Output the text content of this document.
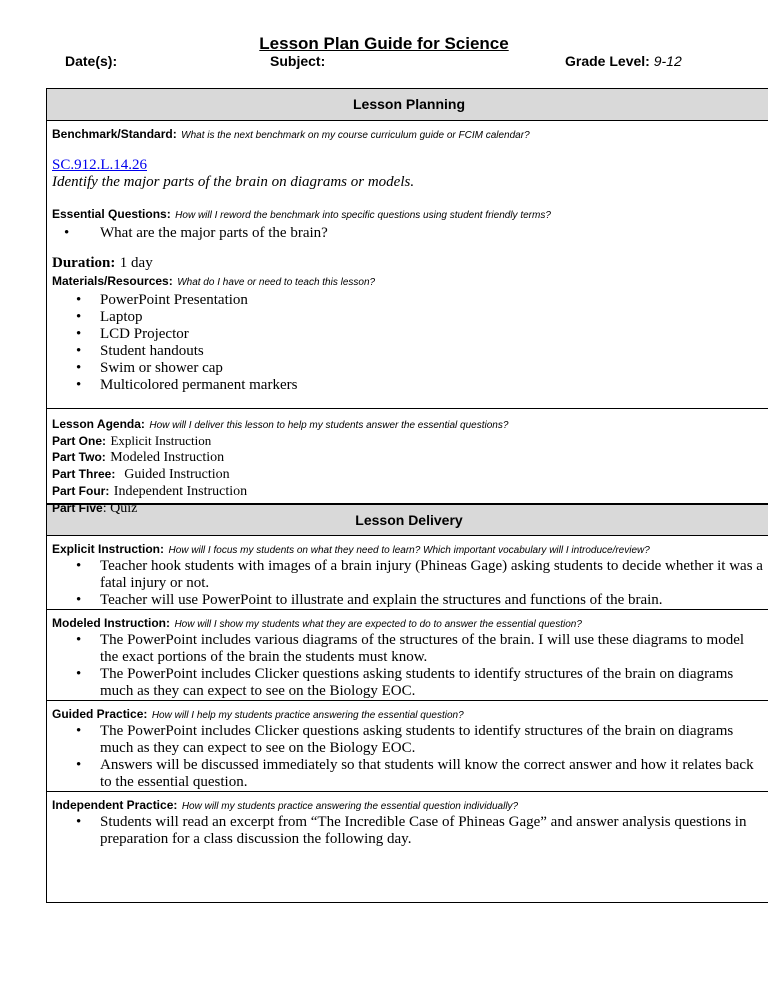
Lesson Plan Guide for Science
Date(s):	Subject:	Grade Level: 9-12
Lesson Planning
Benchmark/Standard: What is the next benchmark on my course curriculum guide or FCIM calendar?
SC.912.L.14.26
Identify the major parts of the brain on diagrams or models.
Essential Questions: How will I reword the benchmark into specific questions using student friendly terms?
• What are the major parts of the brain?
Duration: 1 day
Materials/Resources: What do I have or need to teach this lesson?
• PowerPoint Presentation
• Laptop
• LCD Projector
• Student handouts
• Swim or shower cap
• Multicolored permanent markers
Lesson Agenda: How will I deliver this lesson to help my students answer the essential questions?
Part One: Explicit Instruction
Part Two: Modeled Instruction
Part Three: Guided Instruction
Part Four: Independent Instruction
Part Five: Quiz
Lesson Delivery
Explicit Instruction: How will I focus my students on what they need to learn? Which important vocabulary will I introduce/review?
• Teacher hook students with images of a brain injury (Phineas Gage) asking students to decide whether it was a fatal injury or not.
• Teacher will use PowerPoint to illustrate and explain the structures and functions of the brain.
Modeled Instruction: How will I show my students what they are expected to do to answer the essential question?
• The PowerPoint includes various diagrams of the structures of the brain. I will use these diagrams to model the exact portions of the brain the students must know.
• The PowerPoint includes Clicker questions asking students to identify structures of the brain on diagrams much as they can expect to see on the Biology EOC.
Guided Practice: How will I help my students practice answering the essential question?
• The PowerPoint includes Clicker questions asking students to identify structures of the brain on diagrams much as they can expect to see on the Biology EOC.
• Answers will be discussed immediately so that students will know the correct answer and how it relates back to the essential question.
Independent Practice: How will my students practice answering the essential question individually?
• Students will read an excerpt from “The Incredible Case of Phineas Gage” and answer analysis questions in preparation for a class discussion the following day.
